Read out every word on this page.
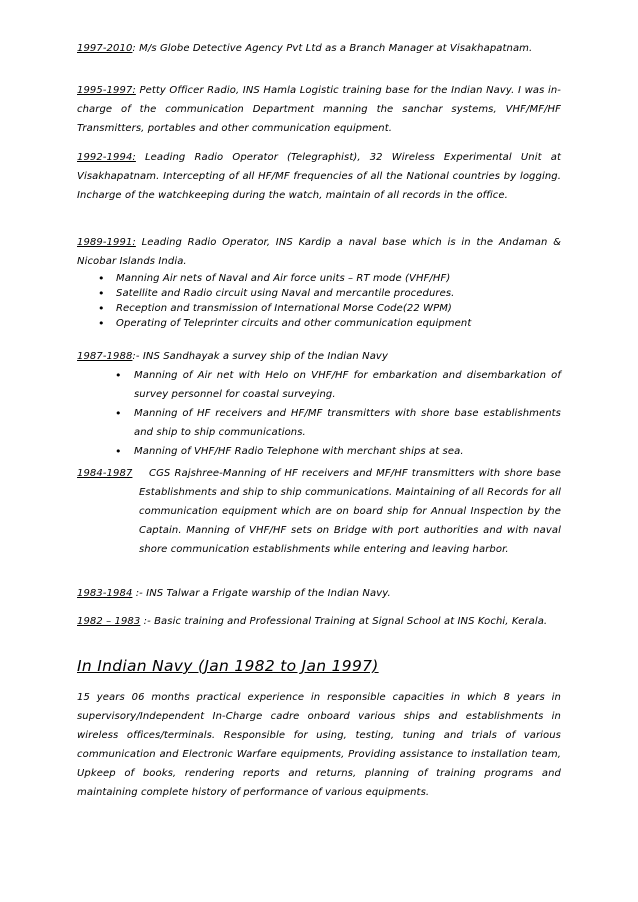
1997-2010: M/s Globe Detective Agency Pvt Ltd as a Branch Manager at Visakhapatnam.
1995-1997: Petty Officer Radio, INS Hamla Logistic training base for the Indian Navy. I was in-charge of the communication Department manning the sanchar systems, VHF/MF/HF Transmitters, portables and other communication equipment.
1992-1994: Leading Radio Operator (Telegraphist), 32 Wireless Experimental Unit at Visakhapatnam. Intercepting of all HF/MF frequencies of all the National countries by logging. Incharge of the watchkeeping during the watch, maintain of all records in the office.
1989-1991: Leading Radio Operator, INS Kardip a naval base which is in the Andaman & Nicobar Islands India.
• Manning Air nets of Naval and Air force units – RT mode (VHF/HF)
• Satellite and Radio circuit using Naval and mercantile procedures.
• Reception and transmission of International Morse Code(22 WPM)
• Operating of Teleprinter circuits and other communication equipment
1987-1988:- INS Sandhayak a survey ship of the Indian Navy
• Manning of Air net with Helo on VHF/HF for embarkation and disembarkation of survey personnel for coastal surveying.
• Manning of HF receivers and HF/MF transmitters with shore base establishments and ship to ship communications.
• Manning of VHF/HF Radio Telephone with merchant ships at sea.
1984-1987	CGS Rajshree-Manning of HF receivers and MF/HF transmitters with shore base Establishments and ship to ship communications. Maintaining of all Records for all communication equipment which are on board ship for Annual Inspection by the Captain. Manning of VHF/HF sets on Bridge with port authorities and with naval shore communication establishments while entering and leaving harbor.
1983-1984 :- INS Talwar a Frigate warship of the Indian Navy.
1982 – 1983 :- Basic training and Professional Training at Signal School at INS Kochi, Kerala.
In Indian Navy (Jan 1982 to Jan 1997)
15 years 06 months practical experience in responsible capacities in which 8 years in supervisory/Independent In-Charge cadre onboard various ships and establishments in wireless offices/terminals. Responsible for using, testing, tuning and trials of various communication and Electronic Warfare equipments, Providing assistance to installation team, Upkeep of books, rendering reports and returns, planning of training programs and maintaining complete history of performance of various equipments.
